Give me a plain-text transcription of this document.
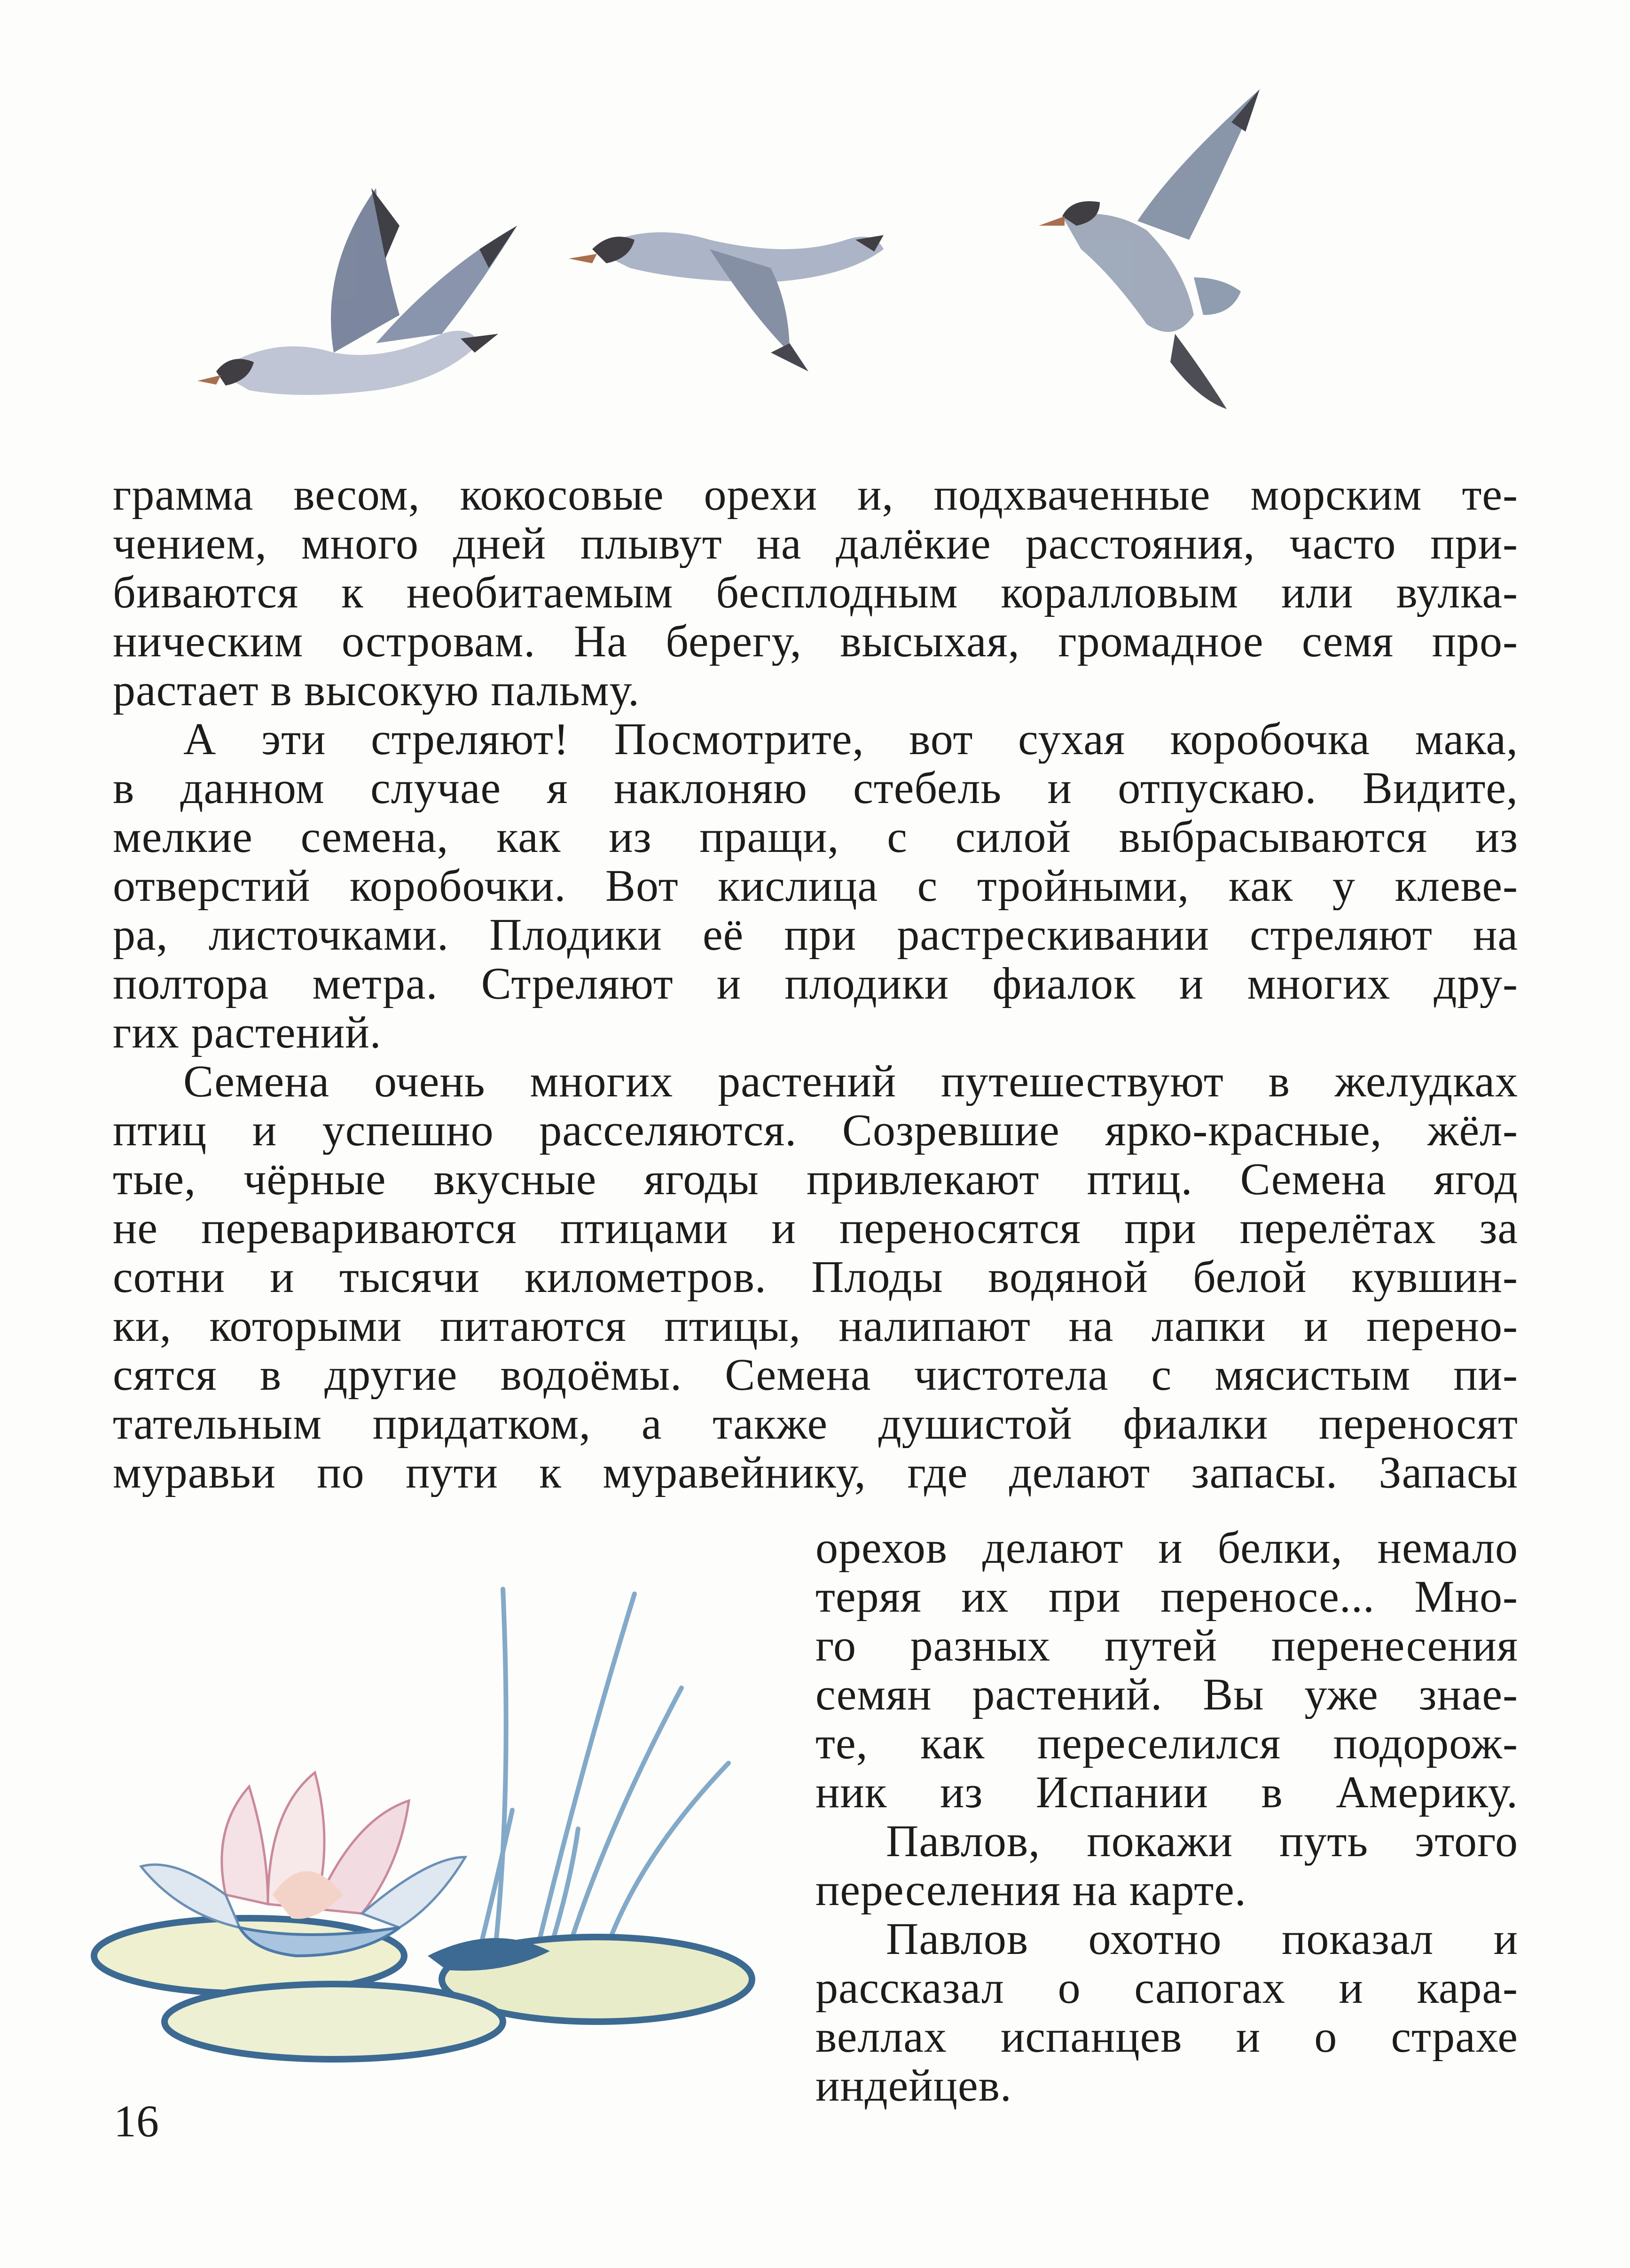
грамма весом, кокосовые орехи и, подхваченные морским те-
чением, много дней плывут на далёкие расстояния, часто при-
биваются к необитаемым бесплодным коралловым или вулка-
ническим островам. На берегу, высыхая, громадное семя про-
растает в высокую пальму.
А эти стреляют! Посмотрите, вот сухая коробочка мака,
в данном случае я наклоняю стебель и отпускаю. Видите,
мелкие семена, как из пращи, с силой выбрасываются из
отверстий коробочки. Вот кислица с тройными, как у клеве-
ра, листочками. Плодики её при растрескивании стреляют на
полтора метра. Стреляют и плодики фиалок и многих дру-
гих растений.
Семена очень многих растений путешествуют в желудках
птиц и успешно расселяются. Созревшие ярко-красные, жёл-
тые, чёрные вкусные ягоды привлекают птиц. Семена ягод
не перевариваются птицами и переносятся при перелётах за
сотни и тысячи километров. Плоды водяной белой кувшин-
ки, которыми питаются птицы, налипают на лапки и перено-
сятся в другие водоёмы. Семена чистотела с мясистым пи-
тательным придатком, а также душистой фиалки переносят
муравьи по пути к муравейнику, где делают запасы. Запасы
орехов делают и белки, немало
теряя их при переносе... Мно-
го разных путей перенесения
семян растений. Вы уже знае-
те, как переселился подорож-
ник из Испании в Америку.
Павлов, покажи путь этого
переселения на карте.
Павлов охотно показал и
рассказал о сапогах и кара-
веллах испанцев и о страхе
индейцев.
16
